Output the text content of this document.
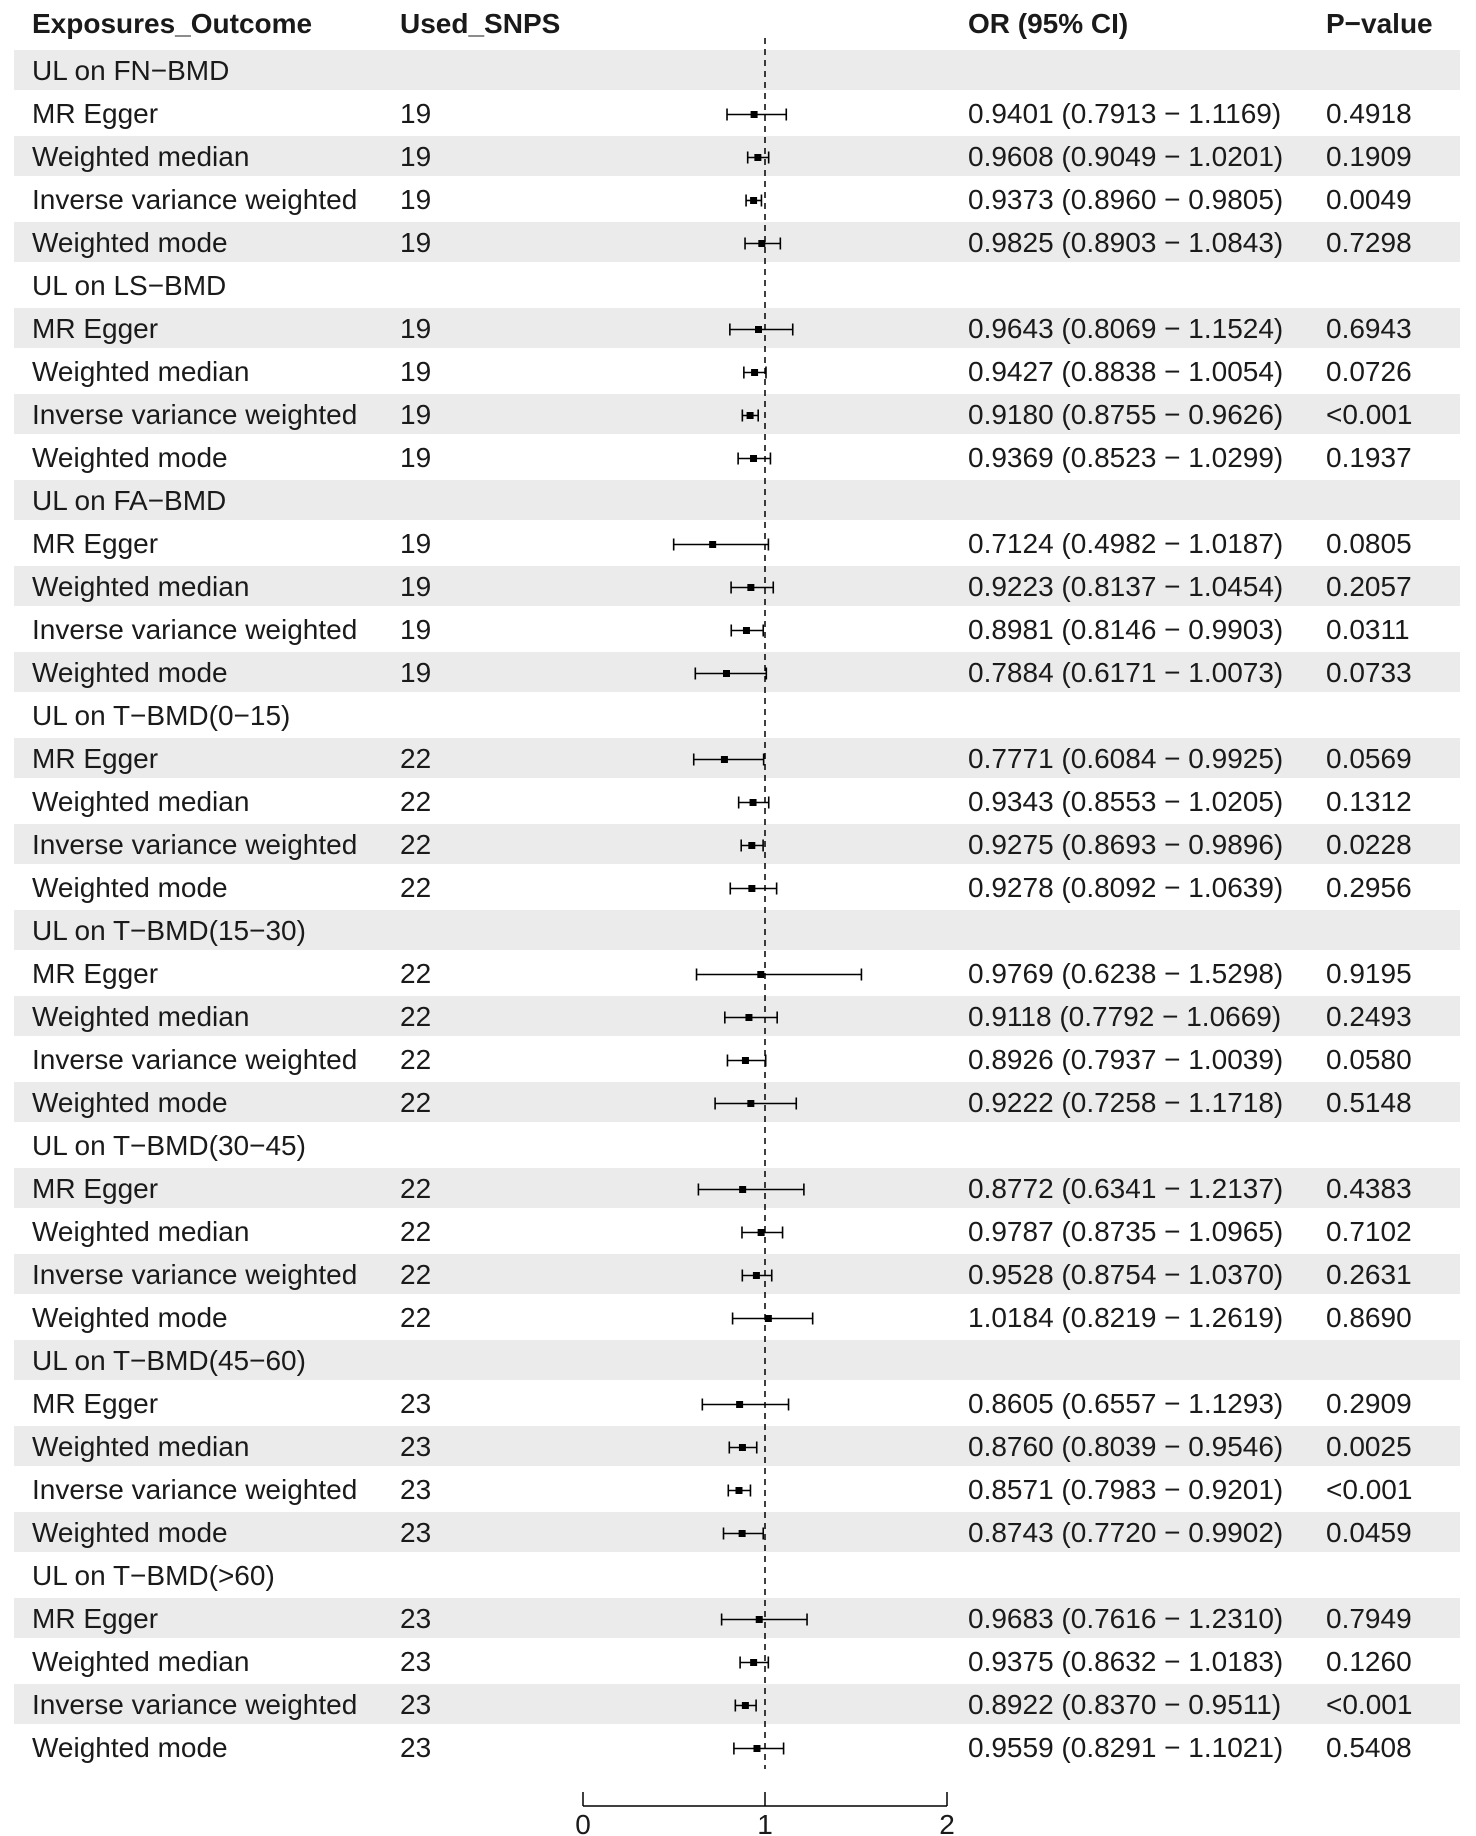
Exposures_Outcome	Used_SNPS	OR (95% CI)	P−value
UL on FN−BMD
MR Egger	19	0.9401 (0.7913 − 1.1169) 0.4918
Weighted median	19	0.9608 (0.9049 − 1.0201) 0.1909
Inverse variance weighted 19	0.9373 (0.8960 − 0.9805) 0.0049
Weighted mode	19	0.9825 (0.8903 − 1.0843) 0.7298
UL on LS−BMD
MR Egger	19	0.9643 (0.8069 − 1.1524) 0.6943
Weighted median	19	0.9427 (0.8838 − 1.0054) 0.0726
Inverse variance weighted 19	0.9180 (0.8755 − 0.9626) <0.001
Weighted mode	19	0.9369 (0.8523 − 1.0299) 0.1937
UL on FA−BMD
MR Egger	19	0.7124 (0.4982 − 1.0187) 0.0805
Weighted median	19	0.9223 (0.8137 − 1.0454) 0.2057
Inverse variance weighted 19	0.8981 (0.8146 − 0.9903) 0.0311
Weighted mode	19	0.7884 (0.6171 − 1.0073) 0.0733
UL on T−BMD(0−15)
MR Egger	22	0.7771 (0.6084 − 0.9925) 0.0569
Weighted median	22	0.9343 (0.8553 − 1.0205) 0.1312
Inverse variance weighted 22	0.9275 (0.8693 − 0.9896) 0.0228
Weighted mode	22	0.9278 (0.8092 − 1.0639) 0.2956
UL on T−BMD(15−30)
MR Egger	22	0.9769 (0.6238 − 1.5298) 0.9195
Weighted median	22	0.9118 (0.7792 − 1.0669) 0.2493
Inverse variance weighted 22	0.8926 (0.7937 − 1.0039) 0.0580
Weighted mode	22	0.9222 (0.7258 − 1.1718) 0.5148
UL on T−BMD(30−45)
MR Egger	22	0.8772 (0.6341 − 1.2137) 0.4383
Weighted median	22	0.9787 (0.8735 − 1.0965) 0.7102
Inverse variance weighted 22	0.9528 (0.8754 − 1.0370) 0.2631
Weighted mode	22	1.0184 (0.8219 − 1.2619) 0.8690
UL on T−BMD(45−60)
MR Egger	23	0.8605 (0.6557 − 1.1293) 0.2909
Weighted median	23	0.8760 (0.8039 − 0.9546) 0.0025
Inverse variance weighted 23	0.8571 (0.7983 − 0.9201) <0.001
Weighted mode	23	0.8743 (0.7720 − 0.9902) 0.0459
UL on T−BMD(>60)
MR Egger	23	0.9683 (0.7616 − 1.2310) 0.7949
Weighted median	23	0.9375 (0.8632 − 1.0183) 0.1260
Inverse variance weighted 23	0.8922 (0.8370 − 0.9511) <0.001
Weighted mode	23	0.9559 (0.8291 − 1.1021) 0.5408
0	1	2
